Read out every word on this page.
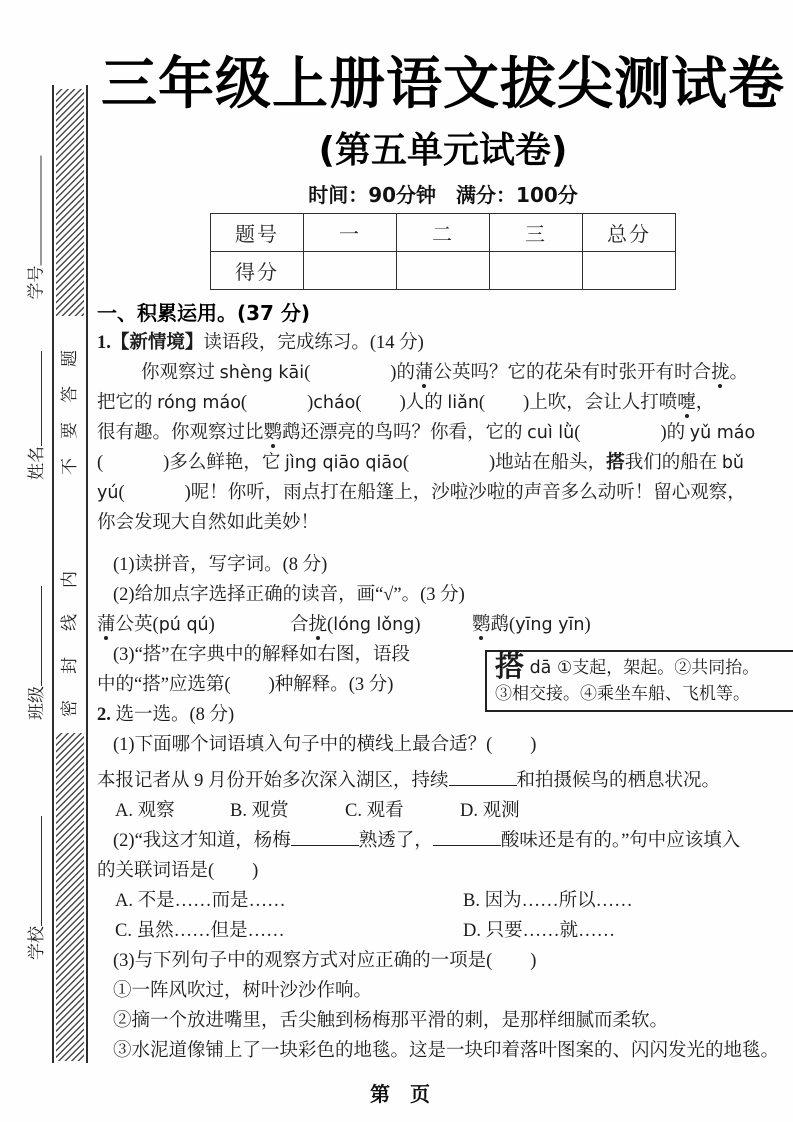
不要答题
密封线内
学号
姓名
班级
学校
三年级上册语文拔尖测试卷
(第五单元试卷)
时间：90分钟　满分：100分
题号	一	二	三	总分
得分				
一、积累运用。(37 分)
1.【新情境】读语段，完成练习。(14 分)
你观察过 shèng kāi(	)的蒲公英吗？它的花朵有时张开有时合拢。
把它的 róng máo(	)cháo( )人的 liǎn( )上吹，会让人打喷嚏，
很有趣。你观察过比鹦鹉还漂亮的鸟吗？你看，它的 cuì lǜ(	)的 yǔ máo
(	)多么鲜艳，它 jìng qiāo qiāo(	)地站在船头，搭我们的船在 bǔ
yú(	)呢！你听，雨点打在船篷上，沙啦沙啦的声音多么动听！留心观察，
你会发现大自然如此美妙！
(1)读拼音，写字词。(8 分)
(2)给加点字选择正确的读音，画“√”。(3 分)
蒲公英(pú qú)	合拢(lóng lǒng)	鹦鹉(yīng yīn)
(3)“搭”在字典中的解释如右图，语段
中的“搭”应选第( )种解释。(3 分)
搭 dā ①支起，架起。②共同抬。
③相交接。④乘坐车船、飞机等。
2. 选一选。(8 分)
(1)下面哪个词语填入句子中的横线上最合适？( )
本报记者从 9 月份开始多次深入湖区，持续	和拍摄候鸟的栖息状况。
A. 观察	B. 观赏	C. 观看	D. 观测
(2)“我这才知道，杨梅	熟透了，	酸味还是有的。”句中应该填入
的关联词语是( )
A. 不是……而是……	B. 因为……所以……
C. 虽然……但是……	D. 只要……就……
(3)与下列句子中的观察方式对应正确的一项是( )
①一阵风吹过，树叶沙沙作响。
②摘一个放进嘴里，舌尖触到杨梅那平滑的刺，是那样细腻而柔软。
③水泥道像铺上了一块彩色的地毯。这是一块印着落叶图案的、闪闪发光的地毯。
第　页
